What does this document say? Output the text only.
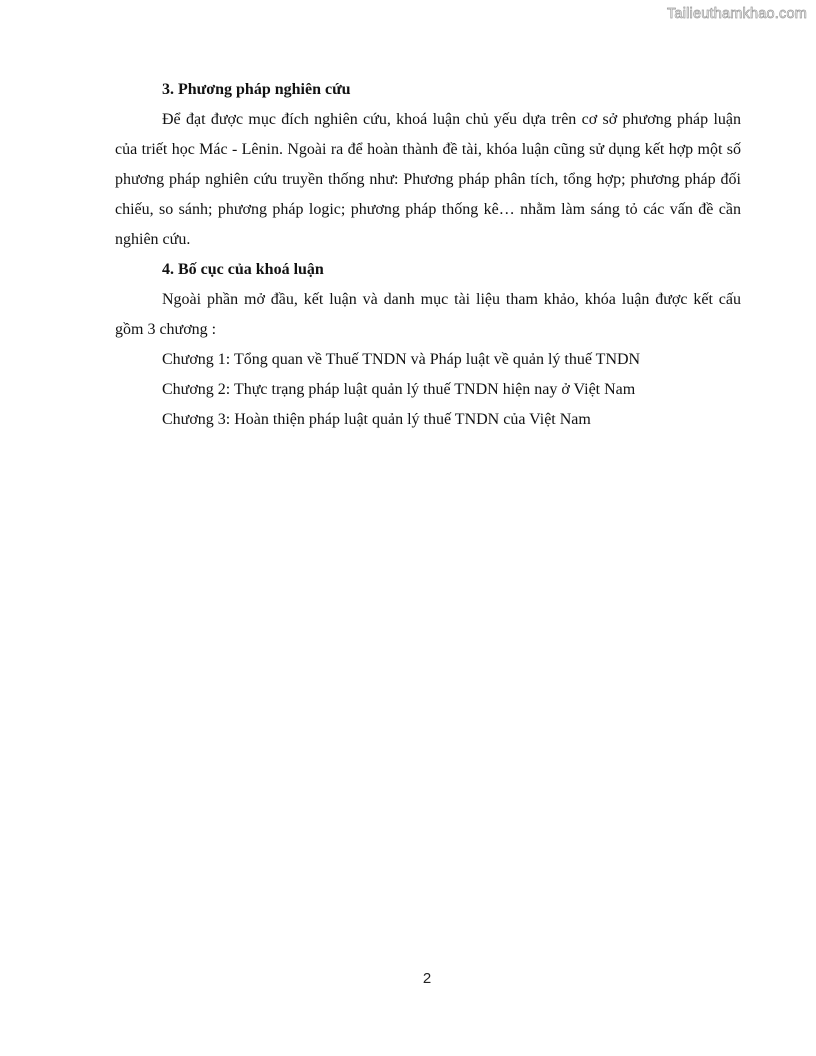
Tailieuthamkhao.com

3. Phương pháp nghiên cứu

Để đạt được mục đích nghiên cứu, khoá luận chủ yếu dựa trên cơ sở phương pháp luận của triết học Mác - Lênin. Ngoài ra để hoàn thành đề tài, khóa luận cũng sử dụng kết hợp một số phương pháp nghiên cứu truyền thống như: Phương pháp phân tích, tổng hợp; phương pháp đối chiếu, so sánh; phương pháp logic; phương pháp thống kê… nhằm làm sáng tỏ các vấn đề cần nghiên cứu.

4. Bố cục của khoá luận

Ngoài phần mở đầu, kết luận và danh mục tài liệu tham khảo, khóa luận được kết cấu gồm 3 chương :

Chương 1: Tổng quan về Thuế TNDN và Pháp luật về quản lý thuế TNDN

Chương 2: Thực trạng pháp luật quản lý thuế TNDN hiện nay ở Việt Nam

Chương 3: Hoàn thiện pháp luật quản lý thuế TNDN của Việt Nam

2
